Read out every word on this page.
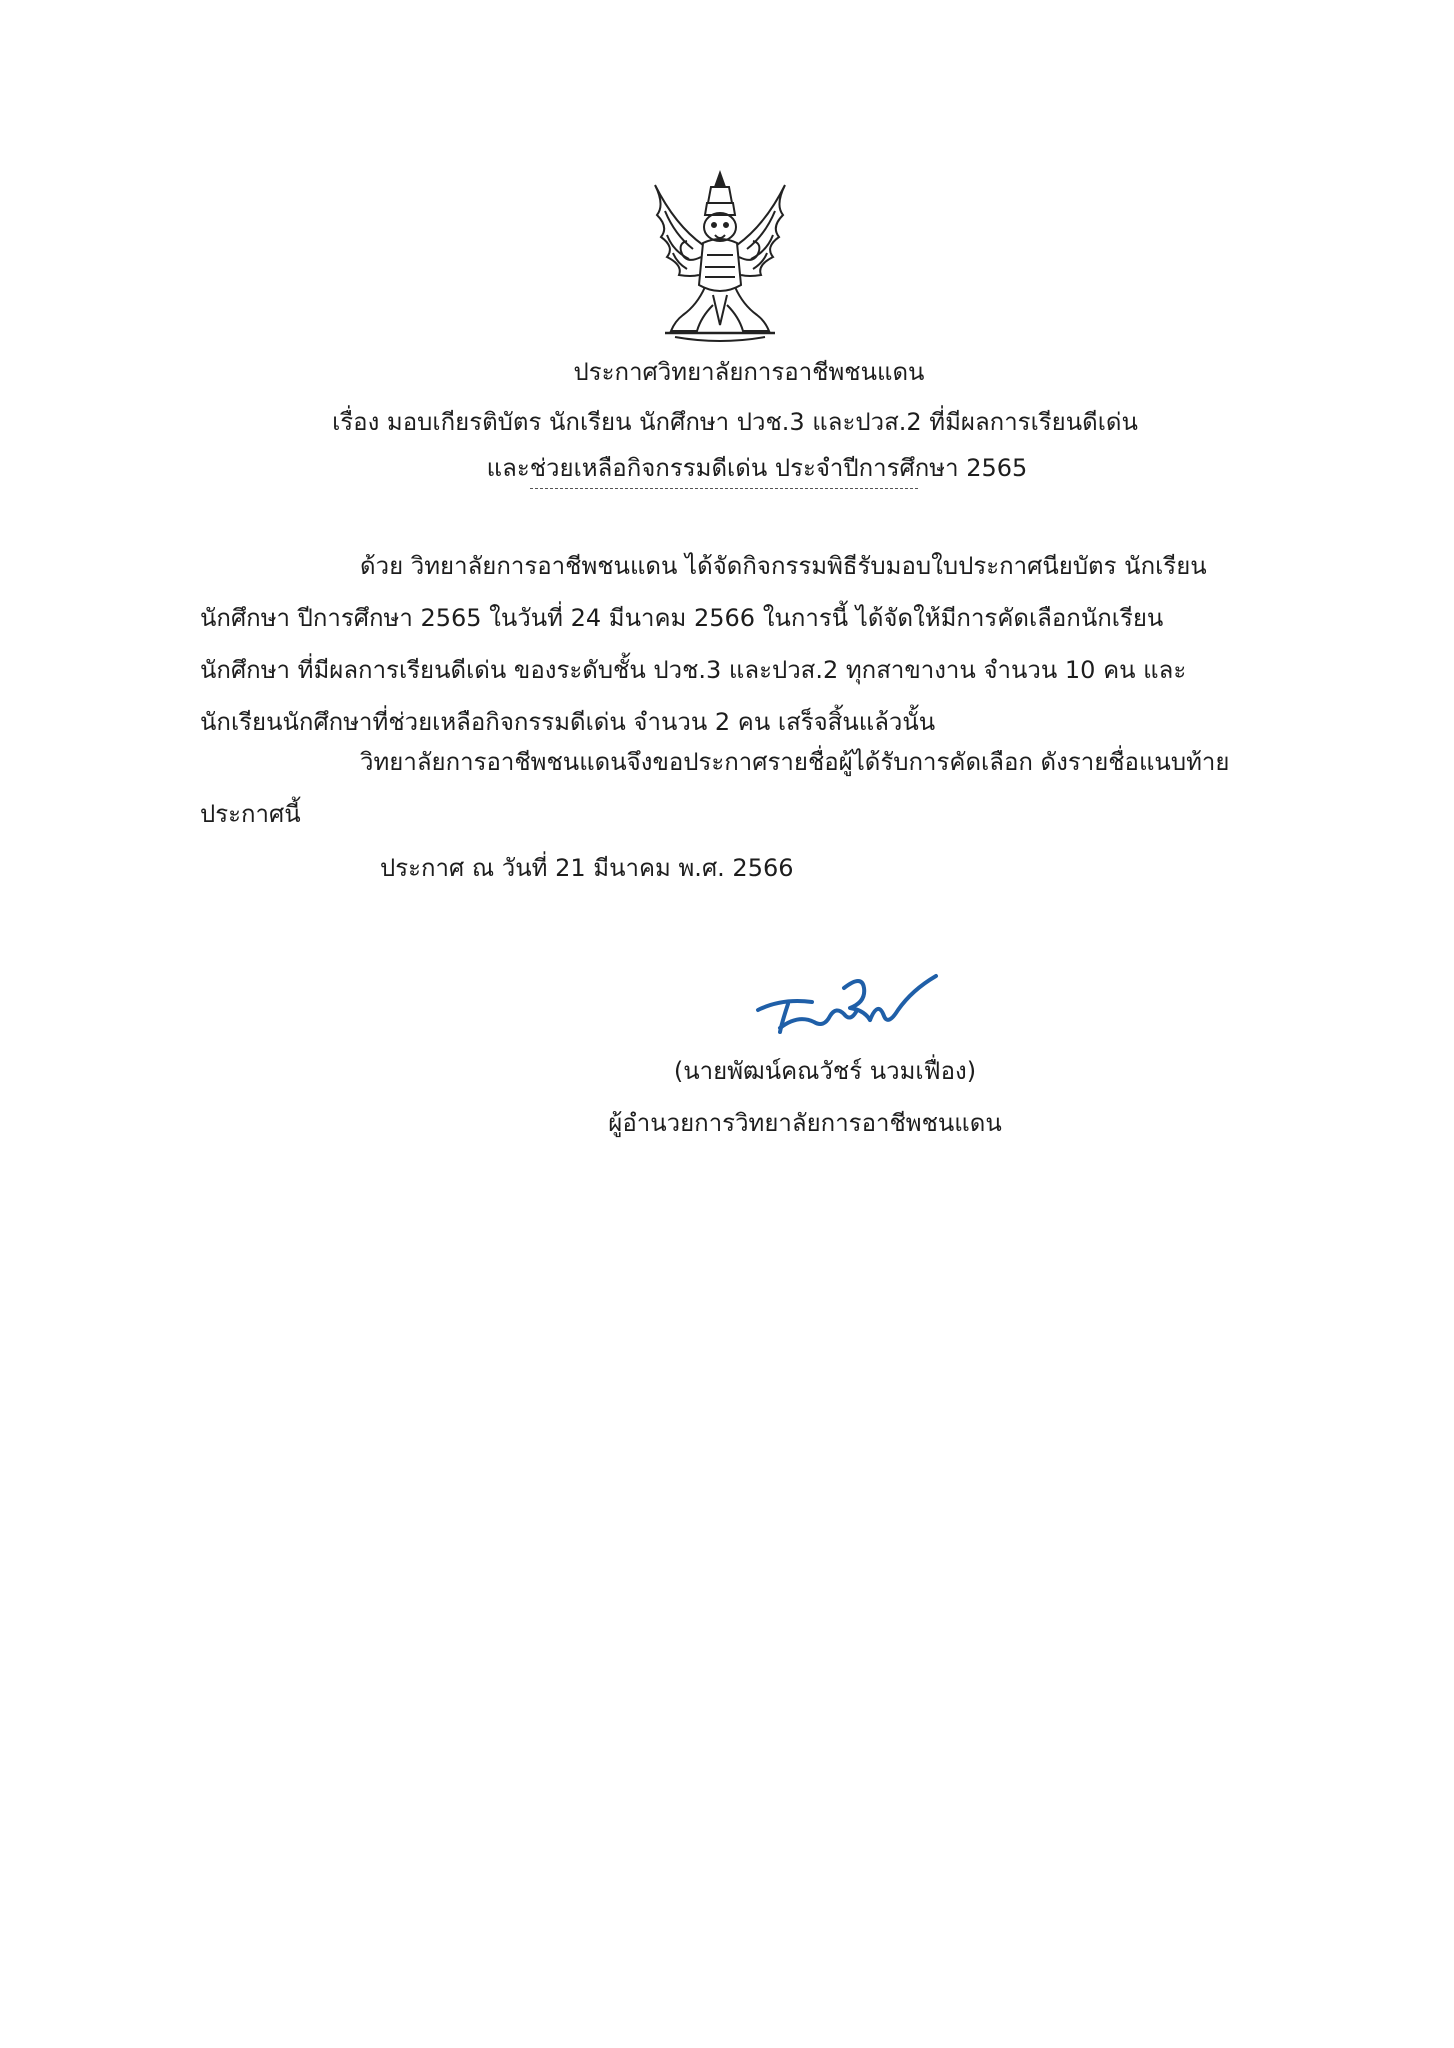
ประกาศวิทยาลัยการอาชีพชนแดน
เรื่อง มอบเกียรติบัตร นักเรียน นักศึกษา ปวช.3 และปวส.2 ที่มีผลการเรียนดีเด่น
และช่วยเหลือกิจกรรมดีเด่น ประจำปีการศึกษา 2565

ด้วย วิทยาลัยการอาชีพชนแดน ได้จัดกิจกรรมพิธีรับมอบใบประกาศนียบัตร นักเรียน นักศึกษา ปีการศึกษา 2565 ในวันที่ 24 มีนาคม 2566 ในการนี้ ได้จัดให้มีการคัดเลือกนักเรียนนักศึกษา ที่มีผลการเรียนดีเด่น ของระดับชั้น ปวช.3 และปวส.2 ทุกสาขางาน จำนวน 10 คน และนักเรียนนักศึกษาที่ช่วยเหลือกิจกรรมดีเด่น จำนวน 2 คน เสร็จสิ้นแล้วนั้น

วิทยาลัยการอาชีพชนแดนจึงขอประกาศรายชื่อผู้ได้รับการคัดเลือก ดังรายชื่อแนบท้ายประกาศนี้

ประกาศ ณ วันที่ 21 มีนาคม พ.ศ. 2566
(นายพัฒน์คณวัชร์ นวมเฟื่อง)
ผู้อำนวยการวิทยาลัยการอาชีพชนแดน
